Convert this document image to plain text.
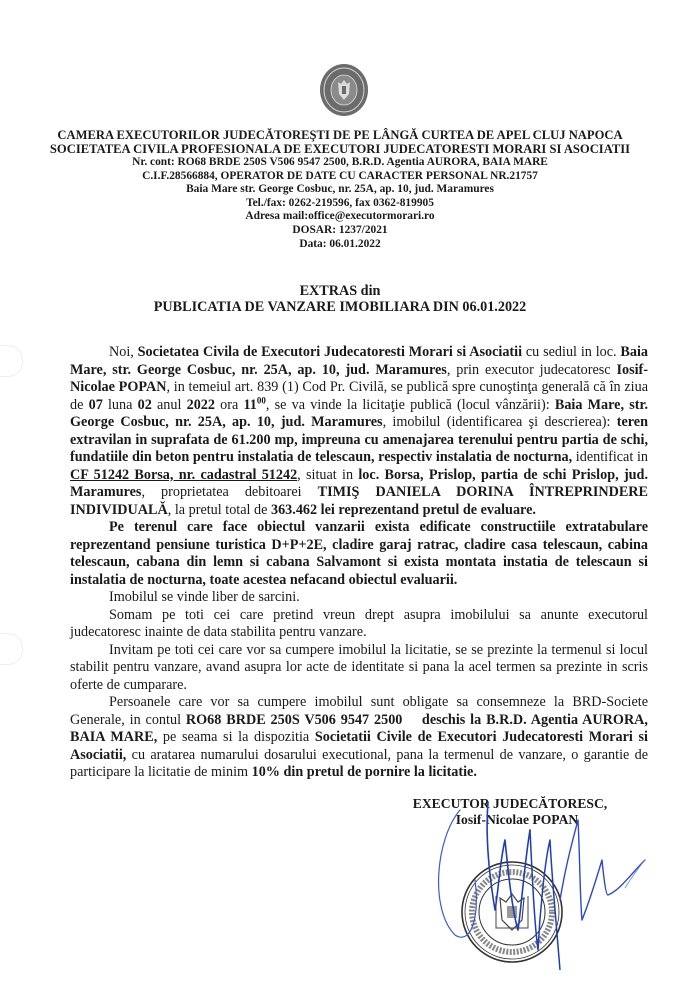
CAMERA EXECUTORILOR JUDECĂTOREŞTI DE PE LÂNGĂ CURTEA DE APEL CLUJ NAPOCA
SOCIETATEA CIVILA PROFESIONALA DE EXECUTORI JUDECATORESTI MORARI SI ASOCIATII
Nr. cont: RO68 BRDE 250S V506 9547 2500, B.R.D. Agentia AURORA, BAIA MARE
C.I.F.28566884, OPERATOR DE DATE CU CARACTER PERSONAL NR.21757
Baia Mare str. George Cosbuc, nr. 25A, ap. 10, jud. Maramures
Tel./fax: 0262-219596, fax 0362-819905
Adresa mail:office@executormorari.ro
DOSAR: 1237/2021
Data: 06.01.2022
EXTRAS din
PUBLICATIA DE VANZARE IMOBILIARA DIN 06.01.2022

Noi, Societatea Civila de Executori Judecatoresti Morari si Asociatii cu sediul in loc. Baia Mare, str. George Cosbuc, nr. 25A, ap. 10, jud. Maramures, prin executor judecatoresc Iosif-Nicolae POPAN, in temeiul art. 839 (1) Cod Pr. Civilă, se publică spre cunoştinţa generală că în ziua de 07 luna 02 anul 2022 ora $11^{00}$, se va vinde la licitaţie publică (locul vânzării): Baia Mare, str. George Cosbuc, nr. 25A, ap. 10, jud. Maramures, imobilul (identificarea şi descrierea): teren extravilan in suprafata de 61.200 mp, impreuna cu amenajarea terenului pentru partia de schi, fundatiile din beton pentru instalatia de telescaun, respectiv instalatia de nocturna, identificat in CF 51242 Borsa, nr. cadastral 51242, situat in loc. Borsa, Prislop, partia de schi Prislop, jud. Maramures, proprietatea debitoarei TIMIŞ DANIELA DORINA ÎNTREPRINDERE INDIVIDUALĂ, la pretul total de 363.462 lei reprezentand pretul de evaluare.

Pe terenul care face obiectul vanzarii exista edificate constructiile extratabulare reprezentand pensiune turistica D+P+2E, cladire garaj ratrac, cladire casa telescaun, cabina telescaun, cabana din lemn si cabana Salvamont si exista montata instatia de telescaun si instalatia de nocturna, toate acestea nefacand obiectul evaluarii.

Imobilul se vinde liber de sarcini.

Somam pe toti cei care pretind vreun drept asupra imobilului sa anunte executorul judecatoresc inainte de data stabilita pentru vanzare.

Invitam pe toti cei care vor sa cumpere imobilul la licitatie, se se prezinte la termenul si locul stabilit pentru vanzare, avand asupra lor acte de identitate si pana la acel termen sa prezinte in scris oferte de cumparare.

Persoanele care vor sa cumpere imobilul sunt obligate sa consemneze la BRD-Societe Generale, in contul RO68 BRDE 250S V506 9547 2500    deschis la B.R.D. Agentia AURORA, BAIA MARE, pe seama si la dispozitia Societatii Civile de Executori Judecatoresti Morari si Asociatii, cu aratarea numarului dosarului executional, pana la termenul de vanzare, o garantie de participare la licitatie de minim 10% din pretul de pornire la licitatie.

EXECUTOR JUDECĂTORESC,
Iosif-Nicolae POPAN
